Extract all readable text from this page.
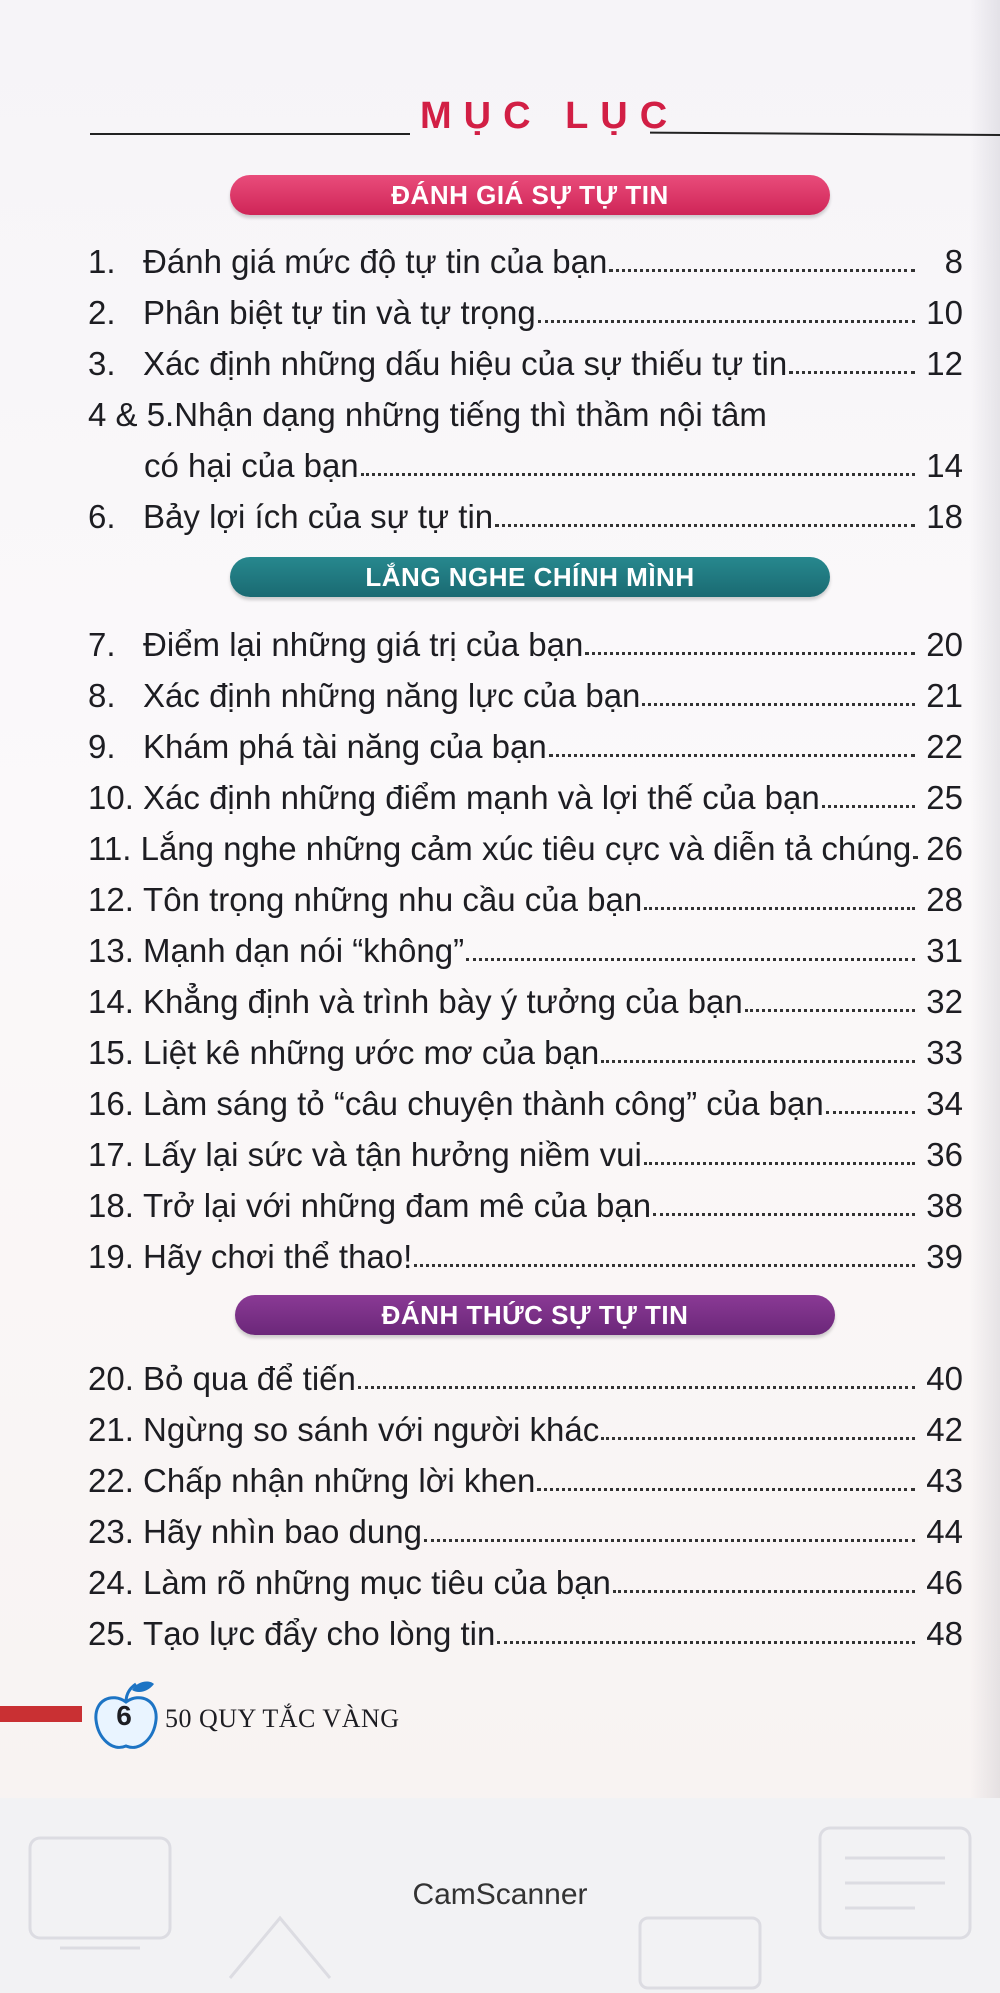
MỤC LỤC
ĐÁNH GIÁ SỰ TỰ TIN
1. Đánh giá mức độ tự tin của bạn	8
2. Phân biệt tự tin và tự trọng	10
3. Xác định những dấu hiệu của sự thiếu tự tin	12
4 & 5. Nhận dạng những tiếng thì thầm nội tâm
có hại của bạn	14
6. Bảy lợi ích của sự tự tin	18
LẮNG NGHE CHÍNH MÌNH
7. Điểm lại những giá trị của bạn	20
8. Xác định những năng lực của bạn	21
9. Khám phá tài năng của bạn	22
10. Xác định những điểm mạnh và lợi thế của bạn	25
11. Lắng nghe những cảm xúc tiêu cực và diễn tả chúng 26
12. Tôn trọng những nhu cầu của bạn	28
13. Mạnh dạn nói “không”	31
14. Khẳng định và trình bày ý tưởng của bạn	32
15. Liệt kê những ước mơ của bạn	33
16. Làm sáng tỏ “câu chuyện thành công” của bạn	34
17. Lấy lại sức và tận hưởng niềm vui	36
18. Trở lại với những đam mê của bạn	38
19. Hãy chơi thể thao!	39
ĐÁNH THỨC SỰ TỰ TIN
20. Bỏ qua để tiến	40
21. Ngừng so sánh với người khác	42
22. Chấp nhận những lời khen	43
23. Hãy nhìn bao dung	44
24. Làm rõ những mục tiêu của bạn	46
25. Tạo lực đẩy cho lòng tin	48
6	50 QUY TẮC VÀNG
CamScanner
